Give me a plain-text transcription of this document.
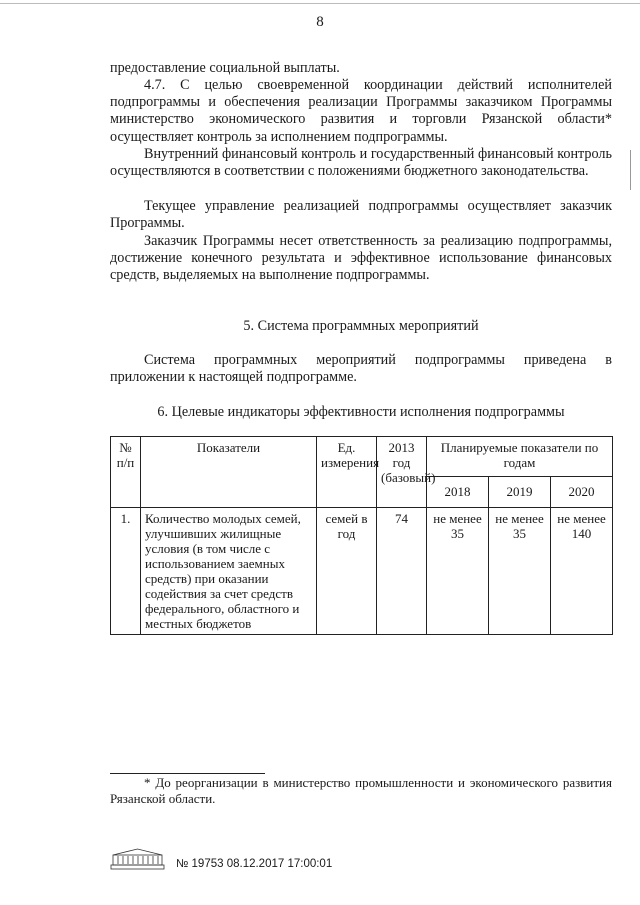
8
предоставление социальной выплаты.
4.7. С целью своевременной координации действий исполнителей подпрограммы и обеспечения реализации Программы заказчиком Программы министерство экономического развития и торговли Рязанской области* осуществляет контроль за исполнением подпрограммы.
Внутренний финансовый контроль и государственный финансовый контроль осуществляются в соответствии с положениями бюджетного законодательства.
Текущее управление реализацией подпрограммы осуществляет заказчик Программы.
Заказчик Программы несет ответственность за реализацию подпрограммы, достижение конечного результата и эффективное использование финансовых средств, выделяемых на выполнение подпрограммы.
5. Система программных мероприятий
Система программных мероприятий подпрограммы приведена в приложении к настоящей подпрограмме.
6. Целевые индикаторы эффективности исполнения подпрограммы
№ п/п	Показатели	Ед. измерения	2013 год (базовый)	Планируемые показатели по годам		
				2018	2019	2020
1.	Количество молодых семей, улучшивших жилищные условия (в том числе с использованием заемных средств) при оказании содействия за счет средств федерального, областного и местных бюджетов	семей в год	74	не менее 35	не менее 35	не менее 140
* До реорганизации в министерство промышленности и экономического развития Рязанской области.
№ 19753 08.12.2017 17:00:01
